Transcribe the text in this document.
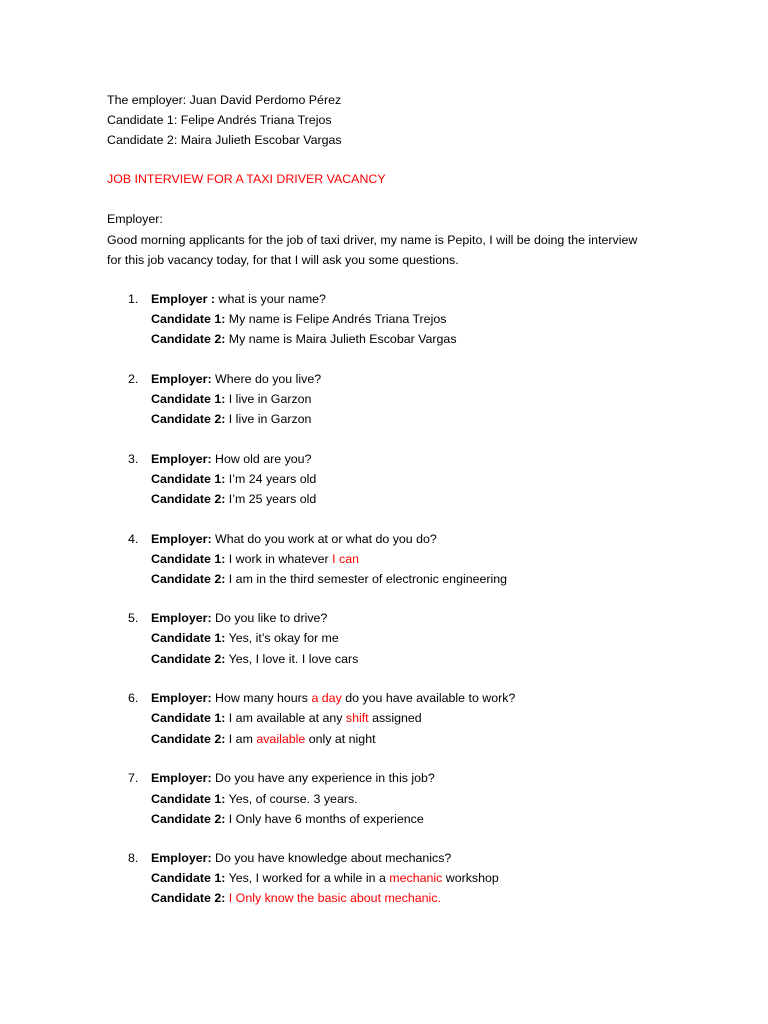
The employer: Juan David Perdomo Pérez
Candidate 1: Felipe Andrés Triana Trejos
Candidate 2: Maira Julieth Escobar Vargas
JOB INTERVIEW FOR A TAXI DRIVER VACANCY
Employer:
Good morning applicants for the job of taxi driver, my name is Pepito, I will be doing the interview
for this job vacancy today, for that I will ask you some questions.
1. Employer : what is your name?
Candidate 1: My name is Felipe Andrés Triana Trejos
Candidate 2: My name is Maira Julieth Escobar Vargas
2. Employer: Where do you live?
Candidate 1: I live in Garzon
Candidate 2: I live in Garzon
3. Employer: How old are you?
Candidate 1: I’m 24 years old
Candidate 2: I’m 25 years old
4. Employer: What do you work at or what do you do?
Candidate 1: I work in whatever I can
Candidate 2: I am in the third semester of electronic engineering
5. Employer: Do you like to drive?
Candidate 1: Yes, it’s okay for me
Candidate 2: Yes, I love it. I love cars
6. Employer: How many hours a day do you have available to work?
Candidate 1: I am available at any shift assigned
Candidate 2: I am available only at night
7. Employer: Do you have any experience in this job?
Candidate 1: Yes, of course. 3 years.
Candidate 2: I Only have 6 months of experience
8. Employer: Do you have knowledge about mechanics?
Candidate 1: Yes, I worked for a while in a mechanic workshop
Candidate 2: I Only know the basic about mechanic.
